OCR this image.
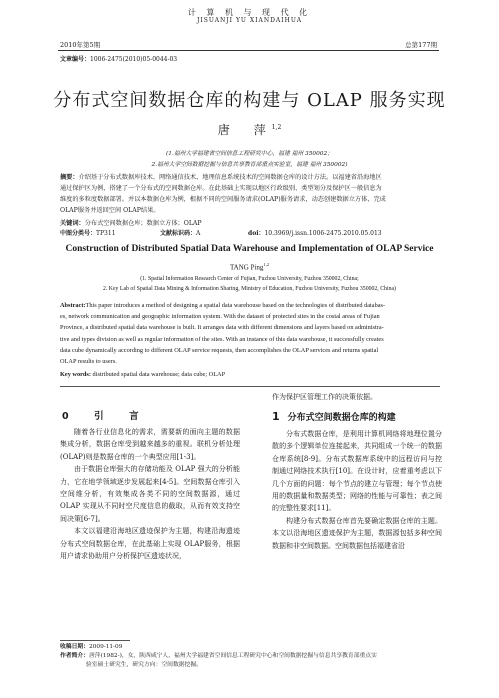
计 算 机 与 现 代 化
JISUANJI YU XIANDAIHUA
2010年第5期	总第177期
文章编号：1006-2475(2010)05-0044-03
分布式空间数据仓库的构建与 OLAP 服务实现
唐　萍$^{1,2}$
(1.福州大学福建省空间信息工程研究中心，福建 福州 350002；
2.福州大学空间数据挖掘与信息共享教育部重点实验室，福建 福州 350002)
摘要：介绍基于分布式数据库技术、网络通信技术、地理信息系统技术的空间数据仓库的设计方法。以福建省沿海地区
通过保护区为例，搭建了一个分布式的空间数据仓库。在此基础上实现以地区行政级别、类型划分及保护区一般信息为
维度的多粒度数据部署。并以本数据仓库为例，根据不同的空间服务请求(OLAP)服务请求，动态创建数据立方体，完成
OLAP服务并返回空间 OLAP结果。
关键词：分布式空间数据仓库；数据立方体；OLAP
中图分类号：TP311	文献标识码：A	doi：10.3969/j.issn.1006-2475.2010.05.013
Construction of Distributed Spatial Data Warehouse and Implementation of OLAP Service
TANG Ping$^{1,2}$
(1. Spatial Information Research Center of Fujian, Fuzhou University, Fuzhou 350002, China;
2. Key Lab of Spatial Data Mining & Information Sharing, Ministry of Education, Fuzhou University, Fuzhou 350002, China)
Abstract:This paper introduces a method of designing a spatial data warehouse based on the technologies of distributed databas-
es, network communication and geographic information system. With the dataset of protected sites in the costal areas of Fujian
Province, a distributed spatial data warehouse is built. It arranges data with different dimensions and layers based on administra-
tive and types division as well as regular information of the sites. With an instance of this data warehouse, it successfully creates
data cube dynamically according to different OLAP service requests, then accomplishes the OLAP services and returns spatial
OLAP results to users.
Key words: distributed spatial data warehouse; data cube; OLAP
0　引　言

随着各行业信息化的需求，需要新的面向主题的数据集成分析，数据仓库受到越来越多的重视。联机分析处理(OLAP)则是数据仓库的一个典型应用[1-3]。

由于数据仓库强大的存储功能及 OLAP 强大的分析能力，它在地学领域逐步发展起来[4-5]。空间数据仓库引入空间维分析，有效集成各类不同的空间数据源，通过 OLAP 实现从不同时空尺度信息的截取，从而有效支持空间决策[6-7]。

本文以福建沿海地区遗迹保护为主题，构建沿海遗迹分布式空间数据仓库，在此基础上实现 OLAP服务，根据用户请求协助用户分析保护区遗迹状况，

作为保护区管理工作的决策依据。

1 分布式空间数据仓库的构建

分布式数据仓库，是利用计算机网络将地理位置分散的多个逻辑单位连接起来，共同组成一个统一的数据仓库系统[8-9]。分布式数据库系统中的远程访问与控制通过网络技术执行[10]。在设计时，应着重考虑以下几个方面的问题：每个节点的建立与管理；每个节点使用的数据量和数据类型；网络的性能与可靠性；表之间的完整性要求[11]。

构建分布式数据仓库首先要确定数据仓库的主题。本文以沿海地区遗迹保护为主题，数据源包括多种空间数据和非空间数据。空间数据包括福建省沿

收稿日期：2009-11-09
作者简介：唐萍(1982-)，女，陕西咸宁人，福州大学福建省空间信息工程研究中心和空间数据挖掘与信息共享教育部重点实
验室硕士研究生，研究方向：空间数据挖掘。
